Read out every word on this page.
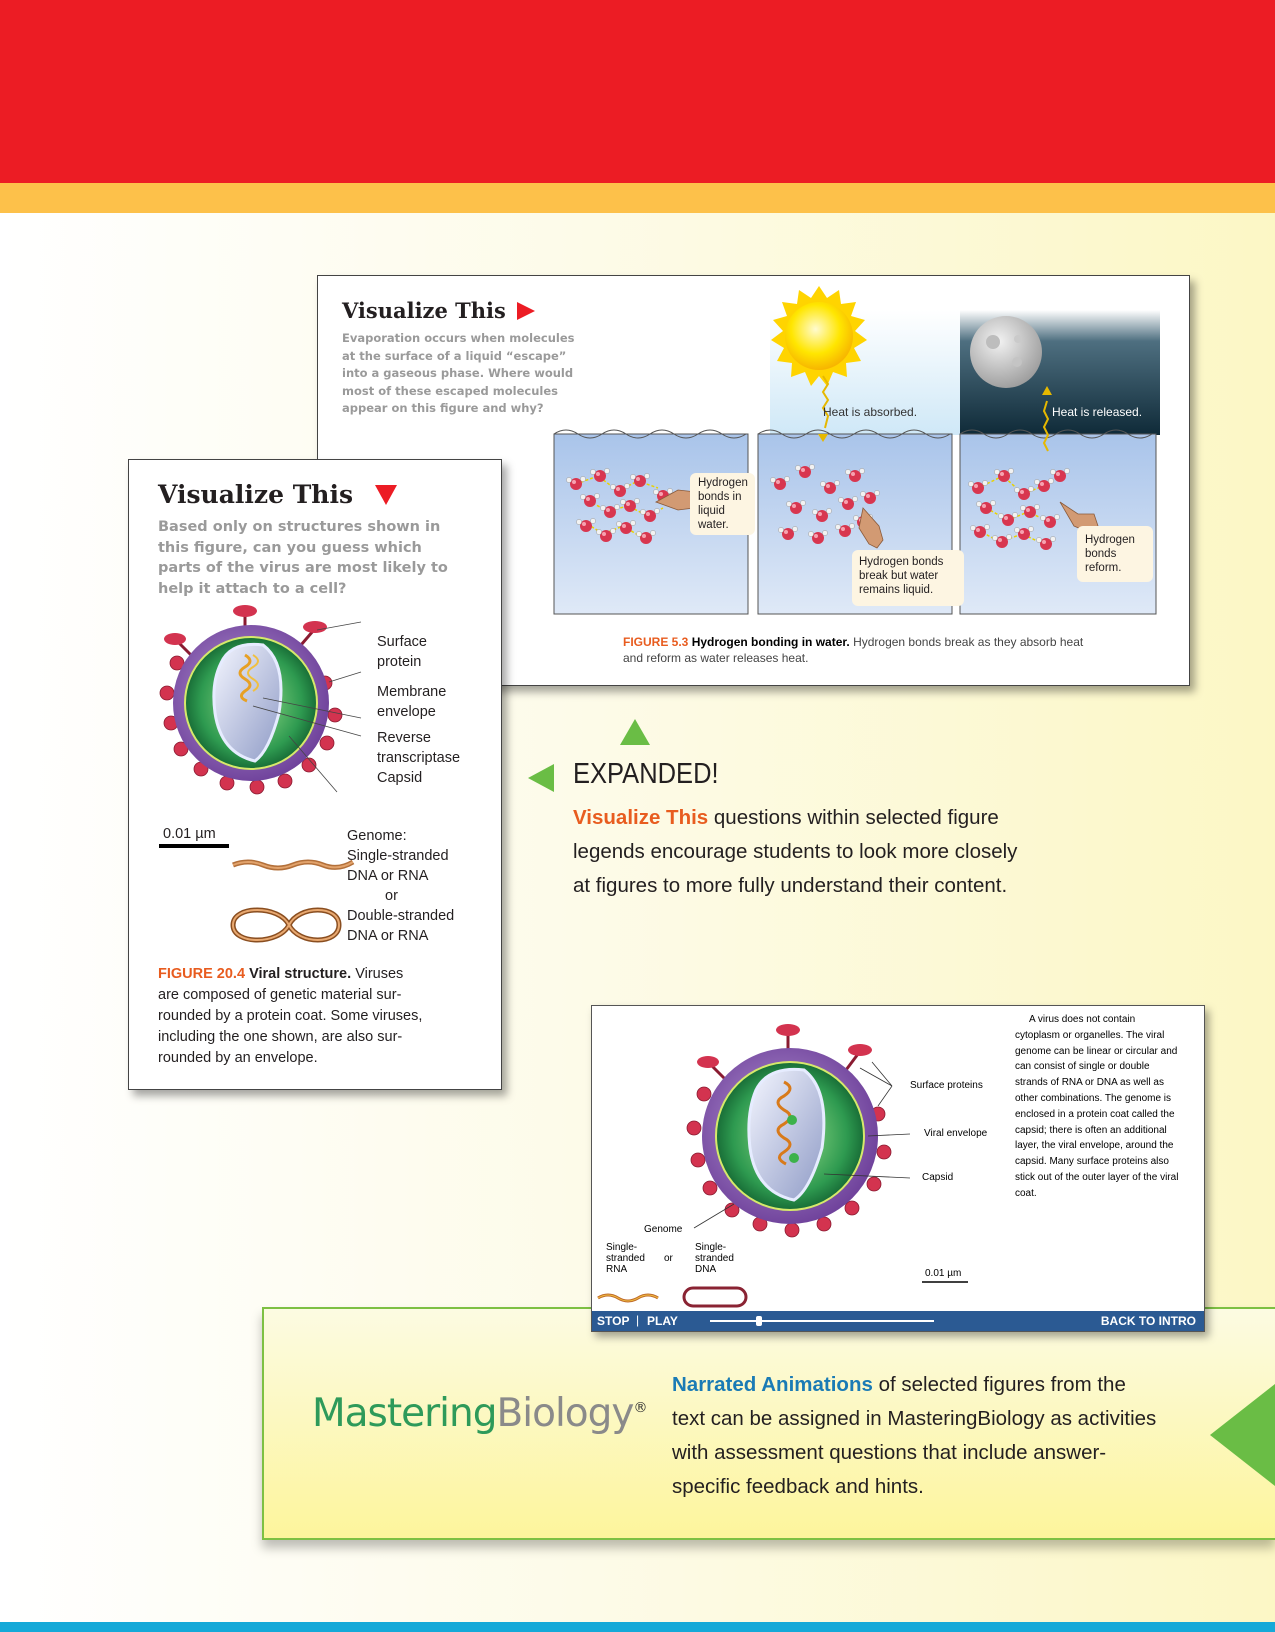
Visualize This
Evaporation occurs when molecules
at the surface of a liquid “escape”
into a gaseous phase. Where would
most of these escaped molecules
appear on this figure and why?	Heat is absorbed.	Heat is released.
Hydrogen
bonds in
liquid
water.
Hydrogen bonds
break but water
remains liquid.
Hydrogen
bonds
reform.
FIGURE 5.3 Hydrogen bonding in water. Hydrogen bonds break as they absorb heat
and reform as water releases heat.
Visualize This
Based only on structures shown in
this figure, can you guess which
parts of the virus are most likely to
help it attach to a cell?
Surface
protein
Membrane
envelope
Reverse
transcriptase
Capsid
0.01 µm	Genome:
Single-stranded
DNA or RNA
or
Double-stranded
DNA or RNA
FIGURE 20.4 Viral structure. Viruses
are composed of genetic material sur-
rounded by a protein coat. Some viruses,
including the one shown, are also sur-
rounded by an envelope.
EXPANDED!
Visualize This questions within selected figure
legends encourage students to look more closely
at figures to more fully understand their content.
MasteringBiology®
Narrated Animations of selected figures from the
text can be assigned in MasteringBiology as activities
with assessment questions that include answer-
specific feedback and hints.
Surface proteins
Viral envelope
Capsid
Genome
Single-
stranded
RNA
or
Single-
stranded
DNA	0.01 µm
A virus does not contain
cytoplasm or organelles. The viral
genome can be linear or circular and
can consist of single or double
strands of RNA or DNA as well as
other combinations. The genome is
enclosed in a protein coat called the
capsid; there is often an additional
layer, the viral envelope, around the
capsid. Many surface proteins also
stick out of the outer layer of the viral
coat.
STOP | PLAY	BACK TO INTRO
